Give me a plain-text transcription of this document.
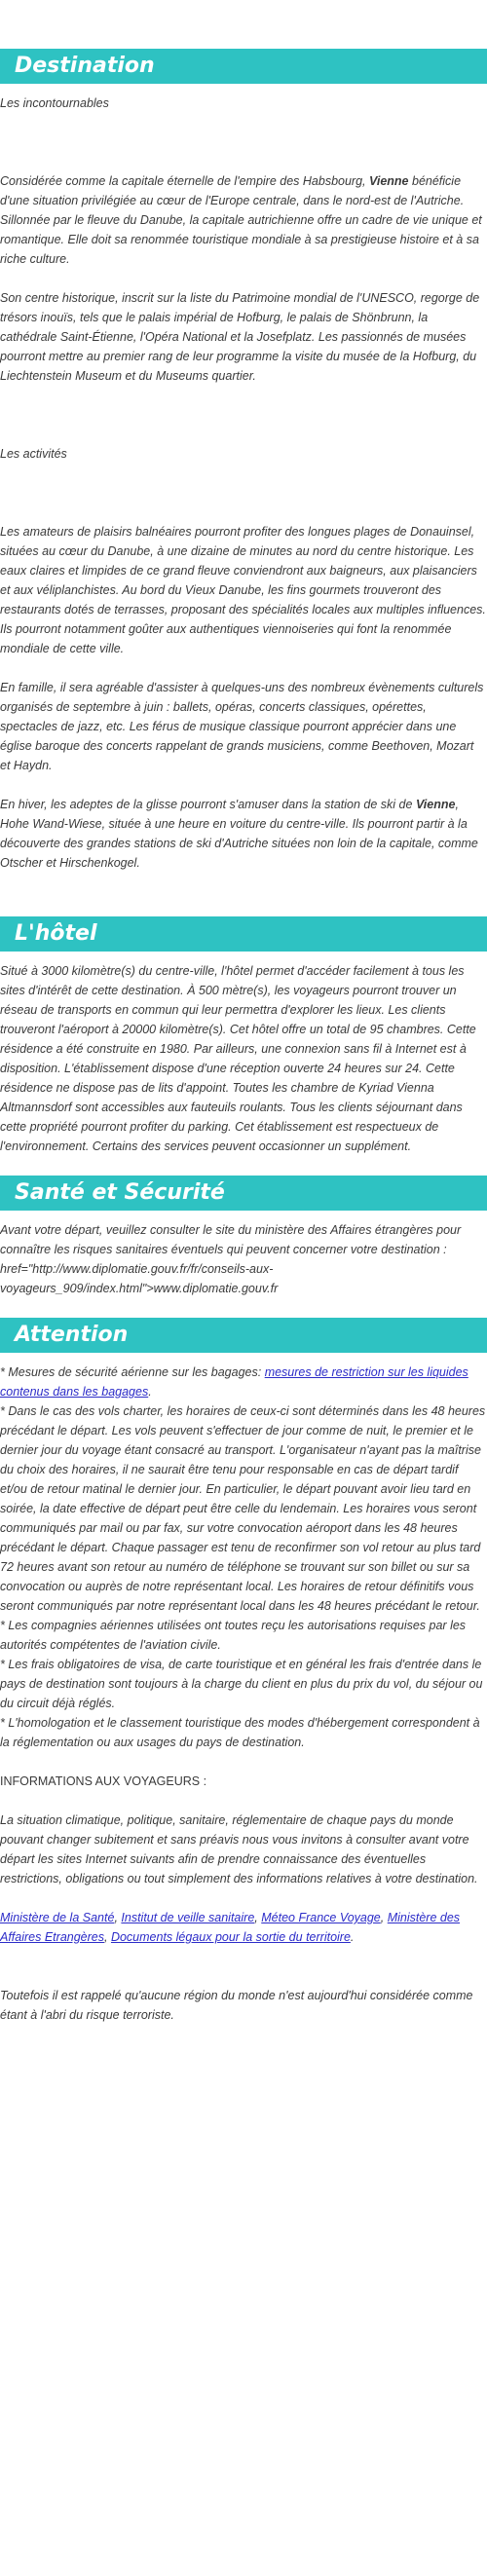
Destination

Les incontournables

Considérée comme la capitale éternelle de l'empire des Habsbourg, Vienne bénéficie d'une situation privilégiée au cœur de l'Europe centrale, dans le nord-est de l'Autriche. Sillonnée par le fleuve du Danube, la capitale autrichienne offre un cadre de vie unique et romantique. Elle doit sa renommée touristique mondiale à sa prestigieuse histoire et à sa riche culture.

Son centre historique, inscrit sur la liste du Patrimoine mondial de l'UNESCO, regorge de trésors inouïs, tels que le palais impérial de Hofburg, le palais de Shönbrunn, la cathédrale Saint-Étienne, l'Opéra National et la Josefplatz. Les passionnés de musées pourront mettre au premier rang de leur programme la visite du musée de la Hofburg, du Liechtenstein Museum et du Museums quartier.

Les activités

Les amateurs de plaisirs balnéaires pourront profiter des longues plages de Donauinsel, situées au cœur du Danube, à une dizaine de minutes au nord du centre historique. Les eaux claires et limpides de ce grand fleuve conviendront aux baigneurs, aux plaisanciers et aux véliplanchistes. Au bord du Vieux Danube, les fins gourmets trouveront des restaurants dotés de terrasses, proposant des spécialités locales aux multiples influences. Ils pourront notamment goûter aux authentiques viennoiseries qui font la renommée mondiale de cette ville.

En famille, il sera agréable d'assister à quelques-uns des nombreux évènements culturels organisés de septembre à juin : ballets, opéras, concerts classiques, opérettes, spectacles de jazz, etc. Les férus de musique classique pourront apprécier dans une église baroque des concerts rappelant de grands musiciens, comme Beethoven, Mozart et Haydn.

En hiver, les adeptes de la glisse pourront s'amuser dans la station de ski de Vienne, Hohe Wand-Wiese, située à une heure en voiture du centre-ville. Ils pourront partir à la découverte des grandes stations de ski d'Autriche situées non loin de la capitale, comme Otscher et Hirschenkogel.

L'hôtel

Situé à 3000 kilomètre(s) du centre-ville, l'hôtel permet d'accéder facilement à tous les sites d'intérêt de cette destination. À 500 mètre(s), les voyageurs pourront trouver un réseau de transports en commun qui leur permettra d'explorer les lieux. Les clients trouveront l'aéroport à 20000 kilomètre(s). Cet hôtel offre un total de 95 chambres. Cette résidence a été construite en 1980. Par ailleurs, une connexion sans fil à Internet est à disposition. L'établissement dispose d'une réception ouverte 24 heures sur 24. Cette résidence ne dispose pas de lits d'appoint. Toutes les chambre de Kyriad Vienna Altmannsdorf sont accessibles aux fauteuils roulants. Tous les clients séjournant dans cette propriété pourront profiter du parking. Cet établissement est respectueux de l'environnement. Certains des services peuvent occasionner un supplément.

Santé et Sécurité

Avant votre départ, veuillez consulter le site du ministère des Affaires étrangères pour connaître les risques sanitaires éventuels qui peuvent concerner votre destination : href="http://www.diplomatie.gouv.fr/fr/conseils-aux-voyageurs_909/index.html">www.diplomatie.gouv.fr

Attention

* Mesures de sécurité aérienne sur les bagages: mesures de restriction sur les liquides contenus dans les bagages.

* Dans le cas des vols charter, les horaires de ceux-ci sont déterminés dans les 48 heures précédant le départ. Les vols peuvent s'effectuer de jour comme de nuit, le premier et le dernier jour du voyage étant consacré au transport. L'organisateur n'ayant pas la maîtrise du choix des horaires, il ne saurait être tenu pour responsable en cas de départ tardif et/ou de retour matinal le dernier jour. En particulier, le départ pouvant avoir lieu tard en soirée, la date effective de départ peut être celle du lendemain. Les horaires vous seront communiqués par mail ou par fax, sur votre convocation aéroport dans les 48 heures précédant le départ. Chaque passager est tenu de reconfirmer son vol retour au plus tard 72 heures avant son retour au numéro de téléphone se trouvant sur son billet ou sur sa convocation ou auprès de notre représentant local. Les horaires de retour définitifs vous seront communiqués par notre représentant local dans les 48 heures précédant le retour.

* Les compagnies aériennes utilisées ont toutes reçu les autorisations requises par les autorités compétentes de l'aviation civile.

* Les frais obligatoires de visa, de carte touristique et en général les frais d'entrée dans le pays de destination sont toujours à la charge du client en plus du prix du vol, du séjour ou du circuit déjà réglés.

* L'homologation et le classement touristique des modes d'hébergement correspondent à la réglementation ou aux usages du pays de destination.

INFORMATIONS AUX VOYAGEURS :

La situation climatique, politique, sanitaire, réglementaire de chaque pays du monde pouvant changer subitement et sans préavis nous vous invitons à consulter avant votre départ les sites Internet suivants afin de prendre connaissance des éventuelles restrictions, obligations ou tout simplement des informations relatives à votre destination.

Ministère de la Santé, Institut de veille sanitaire, Méteo France Voyage, Ministère des Affaires Etrangères, Documents légaux pour la sortie du territoire.

Toutefois il est rappelé qu'aucune région du monde n'est aujourd'hui considérée comme étant à l'abri du risque terroriste.
